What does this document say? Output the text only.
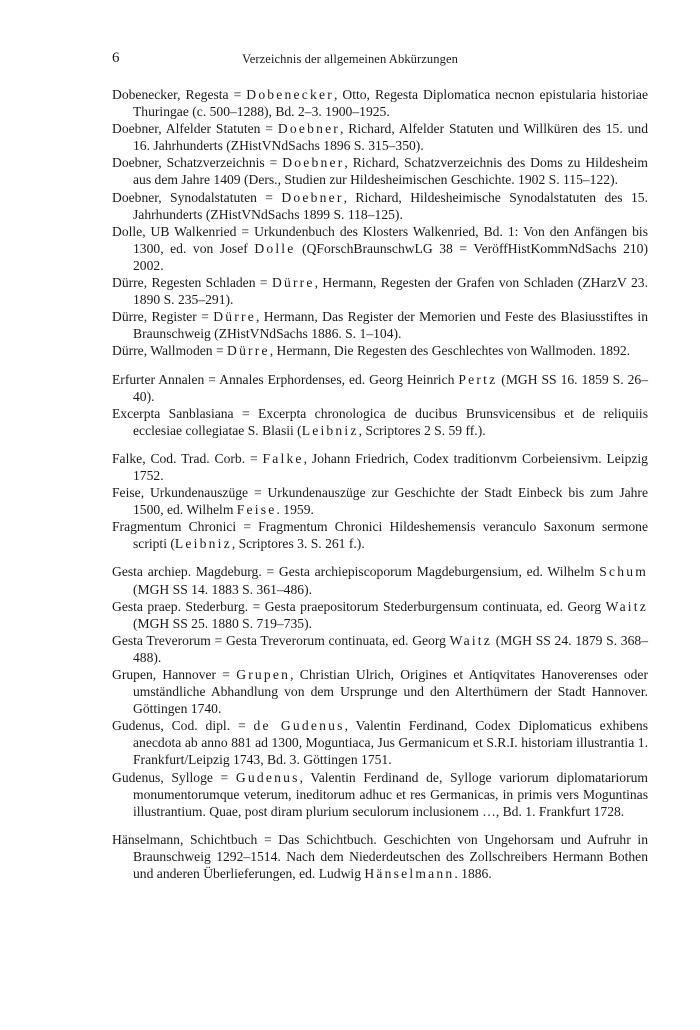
6	Verzeichnis der allgemeinen Abkürzungen

Dobenecker, Regesta = Dobenecker, Otto, Regesta Diplomatica necnon epistularia historiae Thuringae (c. 500–1288), Bd. 2–3. 1900–1925.

Doebner, Alfelder Statuten = Doebner, Richard, Alfelder Statuten und Willküren des 15. und 16. Jahrhunderts (ZHistVNdSachs 1896 S. 315–350).

Doebner, Schatzverzeichnis = Doebner, Richard, Schatzverzeichnis des Doms zu Hildesheim aus dem Jahre 1409 (Ders., Studien zur Hildesheimischen Geschichte. 1902 S. 115–122).

Doebner, Synodalstatuten = Doebner, Richard, Hildesheimische Synodalstatuten des 15. Jahrhunderts (ZHistVNdSachs 1899 S. 118–125).

Dolle, UB Walkenried = Urkundenbuch des Klosters Walkenried, Bd. 1: Von den Anfängen bis 1300, ed. von Josef Dolle (QForschBraunschwLG 38 = VeröffHistKommNdSachs 210) 2002.

Dürre, Regesten Schladen = Dürre, Hermann, Regesten der Grafen von Schladen (ZHarzV 23. 1890 S. 235–291).

Dürre, Register = Dürre, Hermann, Das Register der Memorien und Feste des Blasiusstiftes in Braunschweig (ZHistVNdSachs 1886. S. 1–104).

Dürre, Wallmoden = Dürre, Hermann, Die Regesten des Geschlechtes von Wallmoden. 1892.

Erfurter Annalen = Annales Erphordenses, ed. Georg Heinrich Pertz (MGH SS 16. 1859 S. 26–40).

Excerpta Sanblasiana = Excerpta chronologica de ducibus Brunsvicensibus et de reliquiis ecclesiae collegiatae S. Blasii (Leibniz, Scriptores 2 S. 59 ff.).

Falke, Cod. Trad. Corb. = Falke, Johann Friedrich, Codex traditionvm Corbeiensivm. Leipzig 1752.

Feise, Urkundenauszüge = Urkundenauszüge zur Geschichte der Stadt Einbeck bis zum Jahre 1500, ed. Wilhelm Feise. 1959.

Fragmentum Chronici = Fragmentum Chronici Hildeshemensis veranculo Saxonum sermone scripti (Leibniz, Scriptores 3. S. 261 f.).

Gesta archiep. Magdeburg. = Gesta archiepiscoporum Magdeburgensium, ed. Wilhelm Schum (MGH SS 14. 1883 S. 361–486).

Gesta praep. Stederburg. = Gesta praepositorum Stederburgensum continuata, ed. Georg Waitz (MGH SS 25. 1880 S. 719–735).

Gesta Treverorum = Gesta Treverorum continuata, ed. Georg Waitz (MGH SS 24. 1879 S. 368–488).

Grupen, Hannover = Grupen, Christian Ulrich, Origines et Antiqvitates Hanoverenses oder umständliche Abhandlung von dem Ursprunge und den Alterthümern der Stadt Hannover. Göttingen 1740.

Gudenus, Cod. dipl. = de Gudenus, Valentin Ferdinand, Codex Diplomaticus exhibens anecdota ab anno 881 ad 1300, Moguntiaca, Jus Germanicum et S.R.I. historiam illustrantia 1. Frankfurt/Leipzig 1743, Bd. 3. Göttingen 1751.

Gudenus, Sylloge = Gudenus, Valentin Ferdinand de, Sylloge variorum diplomatariorum monumentorumque veterum, ineditorum adhuc et res Germanicas, in primis vers Moguntinas illustrantium. Quae, post diram plurium seculorum inclusionem …, Bd. 1. Frankfurt 1728.

Hänselmann, Schichtbuch = Das Schichtbuch. Geschichten von Ungehorsam und Aufruhr in Braunschweig 1292–1514. Nach dem Niederdeutschen des Zollschreibers Hermann Bothen und anderen Überlieferungen, ed. Ludwig Hänselmann. 1886.
